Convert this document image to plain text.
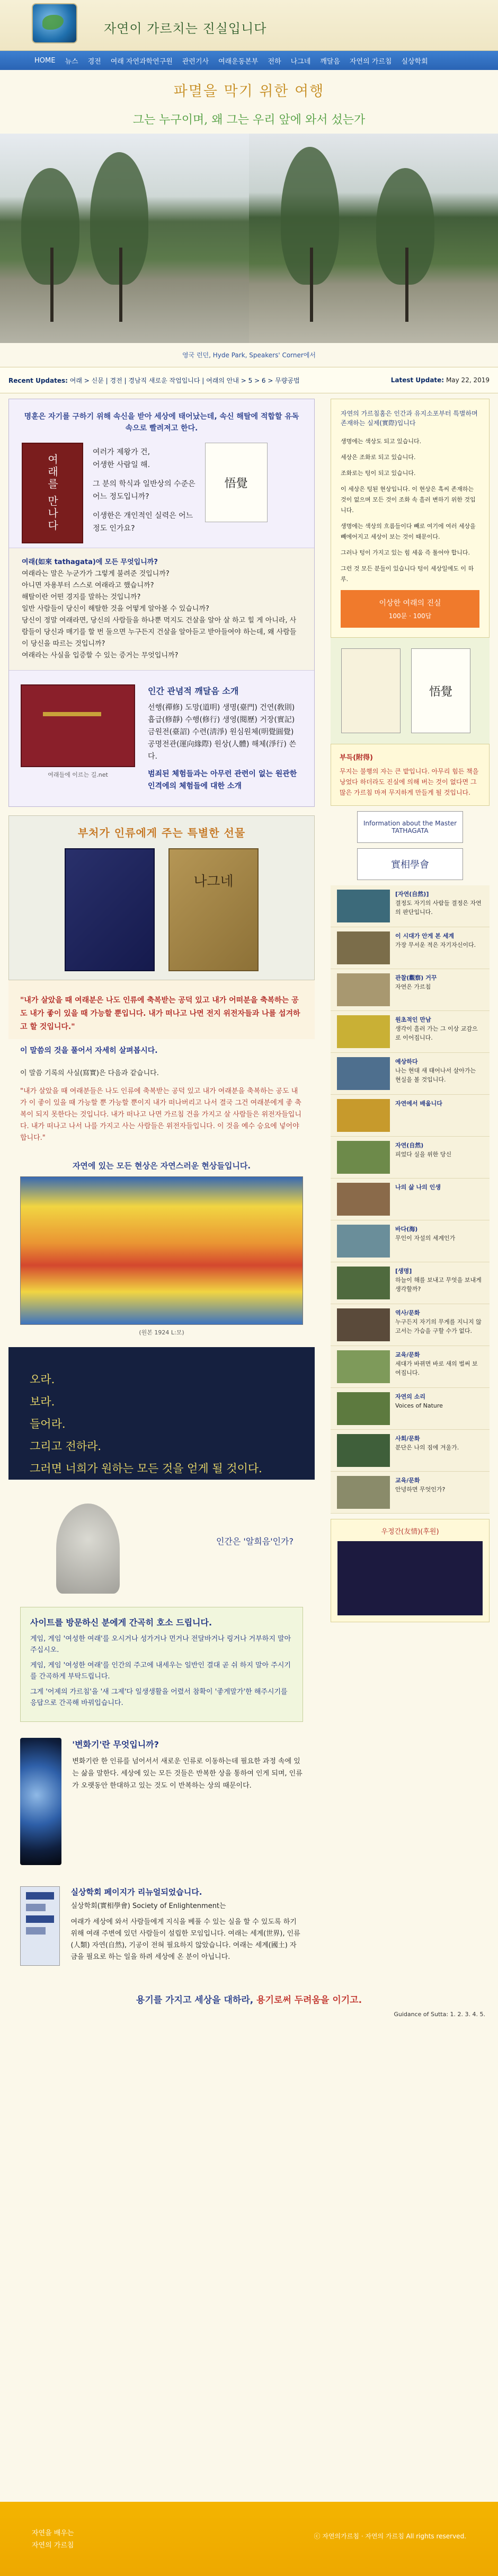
자연이 가르치는 진실입니다
HOME	뉴스	경전	여래 자연과학연구원	관련기사	여래운동본부	전하	나그네	깨달음	자연의 가르침	실상학회
파멸을 막기 위한 여행
그는 누구이며, 왜 그는 우리 앞에 와서 섰는가
영국 런던, Hyde Park, Speakers' Corner에서
Recent Updates: 여래 > 신문 | 경전 | 경남직 새로운 작업입니다 | 여래의 안내 > 5 > 6 > 무량공법	Latest Update: May 22, 2019
명훈은 자기를 구하기 위해 속신을 받아 세상에 태어났는데, 속신 해탈에 적합할 유독 속으로 빨려져고 한다.
여래를 만나다
여러가 제왕가 건,
어생한 사람일 해.
그 분의 학식과 일반상의 수준은
어느 정도입니까?
이생한은 개인적인 실력은 어느
정도 인가요?
悟覺
여래(如來 tathagata)에 모든 무엇입니까?
여래라는 말은 누군가가 그렇게 불려준 것입니까?
아니면 자용부터 스스로 여래라고 했습니까?
해탈이란 어떤 경지를 말하는 것입니까?
일반 사람들이 당신이 해탈한 것을 어떻게 알아볼 수 있습니까?
당신이 정말 여래라면, 당신의 사람들을 하나뿐 먹지도 건살을 알아 살 하고 힐 게 아니라, 사람들이 당신과 매기를 할 번 둘으면 누구든지 건살을 알아듣고 받아들여야 하는데, 왜 사람들이 당신을 따르는 것입니까?
여래라는 사실을 입증할 수 있는 증거는 무엇입니까?
여래들에 이르는 길.net
인간 관념적 깨달음 소개

선행(禪修) 도망(道明) 생명(臺門) 건연(敎則) 흡급(修靜) 수행(修行) 생영(閱歷) 거장(實記) 금원전(臺詔) 수련(淸淨) 원심원체(明覺圓覺) 공명전관(運向緣際) 원상(人體) 해체(淨行) 쓴다.

범죄된 체험들과는 아무런 관련이 없는 원관한 인격에의 체험들에 대한 소개

부처가 인류에게 주는 특별한 선물
나그네
"내가 살았을 때 여래분은 나도 인류에 축복받는 공덕 있고 내가 어떠분을 축복하는 공도 내가 좋이 있을 때 가능할 뿐입니다. 내가 떠나고 나면 전지 위전자들과 나를 섭겨하고 할 것입니다."
이 말씀의 것을 풀어서 자세히 살펴봅시다.
이 말씀 기록의 사실(寫實)은 다음과 같습니다.
"내가 살았을 때 여래분들은 나도 인류에 축복받는 공덕 있고 내가 여래분을 축복하는 공도 내가 이 좋이 있을 때 가능할 뿐 가능할 뿐이지 내가 떠나버리고 나서 결국 그건 여래분에게 좋 축복이 되지 못한다는 것입니다. 내가 떠나고 나면 가르침 건을 가지고 살 사람들은 위전자들입니다. 내가 떠나고 나서 나를 가지고 사는 사람들은 위전자들입니다. 이 것을 예수 승요에 넣어야 합니다."
자연에 있는 모든 현상은 자연스러운 현상들입니다.
(원본 1924 L:모)
오라.
보라.
들어라.
그리고 전하라.
그러면 너희가 원하는 모든 것을 얻게 될 것이다.
인간은 '알희음'인가?
사이트를 방문하신 분에게 간곡히 호소 드립니다.

게임, 게임 '여성한 여래'를 오시거나 성가거나 먼거나 전달바거나 링거나 거부하지 말아 주십시오.

게임, 게임 '여성한 여래'를 인간의 주고에 내세우는 일반인 결대 곧 쉬 하지 말아 주시기를 간곡하게 부탁드립니다.

그게 '어제의 가르침'을 '새 그제'다 일생생활을 어렸서 참확이 '좋게말가'한 해주시기를 응답으로 간곡해 바꿔입습니다.

'변화기'란 무엇입니까?

변화기란 한 인류를 넘어서서 새로운 인류로 이동하는데 필요한 과정 속에 있는 삶을 말한다. 세상에 있는 모든 것들은 반복한 상을 통하여 인게 되며, 인류가 오랫동안 한대하고 있는 것도 이 반복하는 상의 때문이다.

실상학회 페이지가 리뉴얼되었습니다.

실상학회(實相學會) Society of Enlightenment는

여래가 세상에 와서 사람들에게 지식을 베풀 수 있는 실을 할 수 있도록 하기 위해 여래 주변에 있던 사람들이 설립한 모임입니다. 여래는 세계(世界), 인류(人類) 자연(自然), 기공이 전혀 필요하지 않았습니다. 여래는 세계(國土) 자금을 필요로 하는 일을 하려 세상에 온 분이 아닙니다.

자연의 가르침홈은 인간과 유지소포부터 특별하며 존재하는 실제(實際)입니다

생명에는 색상도 되고 있습니다.

세상은 조화로 되고 있습니다.

조화로는 텅이 되고 있습니다.

이 세상은 텅된 현상입니다. 이 현상은 흑씨 존재하는 것이 없으며 모든 것이 조화 속 흘러 변하기 위한 것입니다.

생명에는 색상의 흐름들이다 빼로 여기에 여러 세상을 빼에어지고 세상이 보는 것이 때문이다.

그러나 텅이 가지고 있는 힘 세움 즉 툴어야 합니다.

그런 것 모든 분들이 있습니다 텅이 세상일에도 이 하루.

이상한 여래의 진실
100문 · 100답
悟覺
부득(附得)

무지는 불행의 자는 큰 밭입니다. 아무리 힘든 책을 낭었다 하더라도 진실에 의해 버는 것이 없다면 그 많은 가르침 마져 무지하게 만들게 될 것입니다.

Information about the Master TATHAGATA
實相學會
[자연(自然)]
결정도 자기의 사람들 결정은 자연의 판단입니다.
이 시대가 안게 본 세계
가장 무서운 적은 자기자신이다.
관찰(觀察) 거꾸
자연은 가르침
원초적인 만남
생각이 흘러 가는 그 이상 교감으로 이어집니다.
예상하다
나는 현대 새 태어나서 살아가는 현실을 볼 것입니다.
자연에서 배웁니다
자연(自然)
피었다 실을 위한 당신
나의 삶 나의 인생
바다(海)
무인이 자설의 세계인가
[생명]
하늘이 해를 보내고 무엇을 보내게 생각할까?
역사/문화
누구든지 자기의 무게를 지니지 않고서는 가슴을 구할 수가 없다.
교육/문화
세대가 바뀌면 바로 새의 벌써 보여집니다.
자연의 소리
Voices of Nature
사회/문화
분단은 나의 짐에 겨울가.
교육/문화
안녕하면 무엇인가?
우정간(友情)(후원)
용기를 가지고 세상을 대하라, 용기로써 두려움을 이기고.
Guidance of Sutta: 1. 2. 3. 4. 5.
자연을 배우는
자연의 가르침
ⓒ 자연의가르침 · 자연의 가르침 All rights reserved.
